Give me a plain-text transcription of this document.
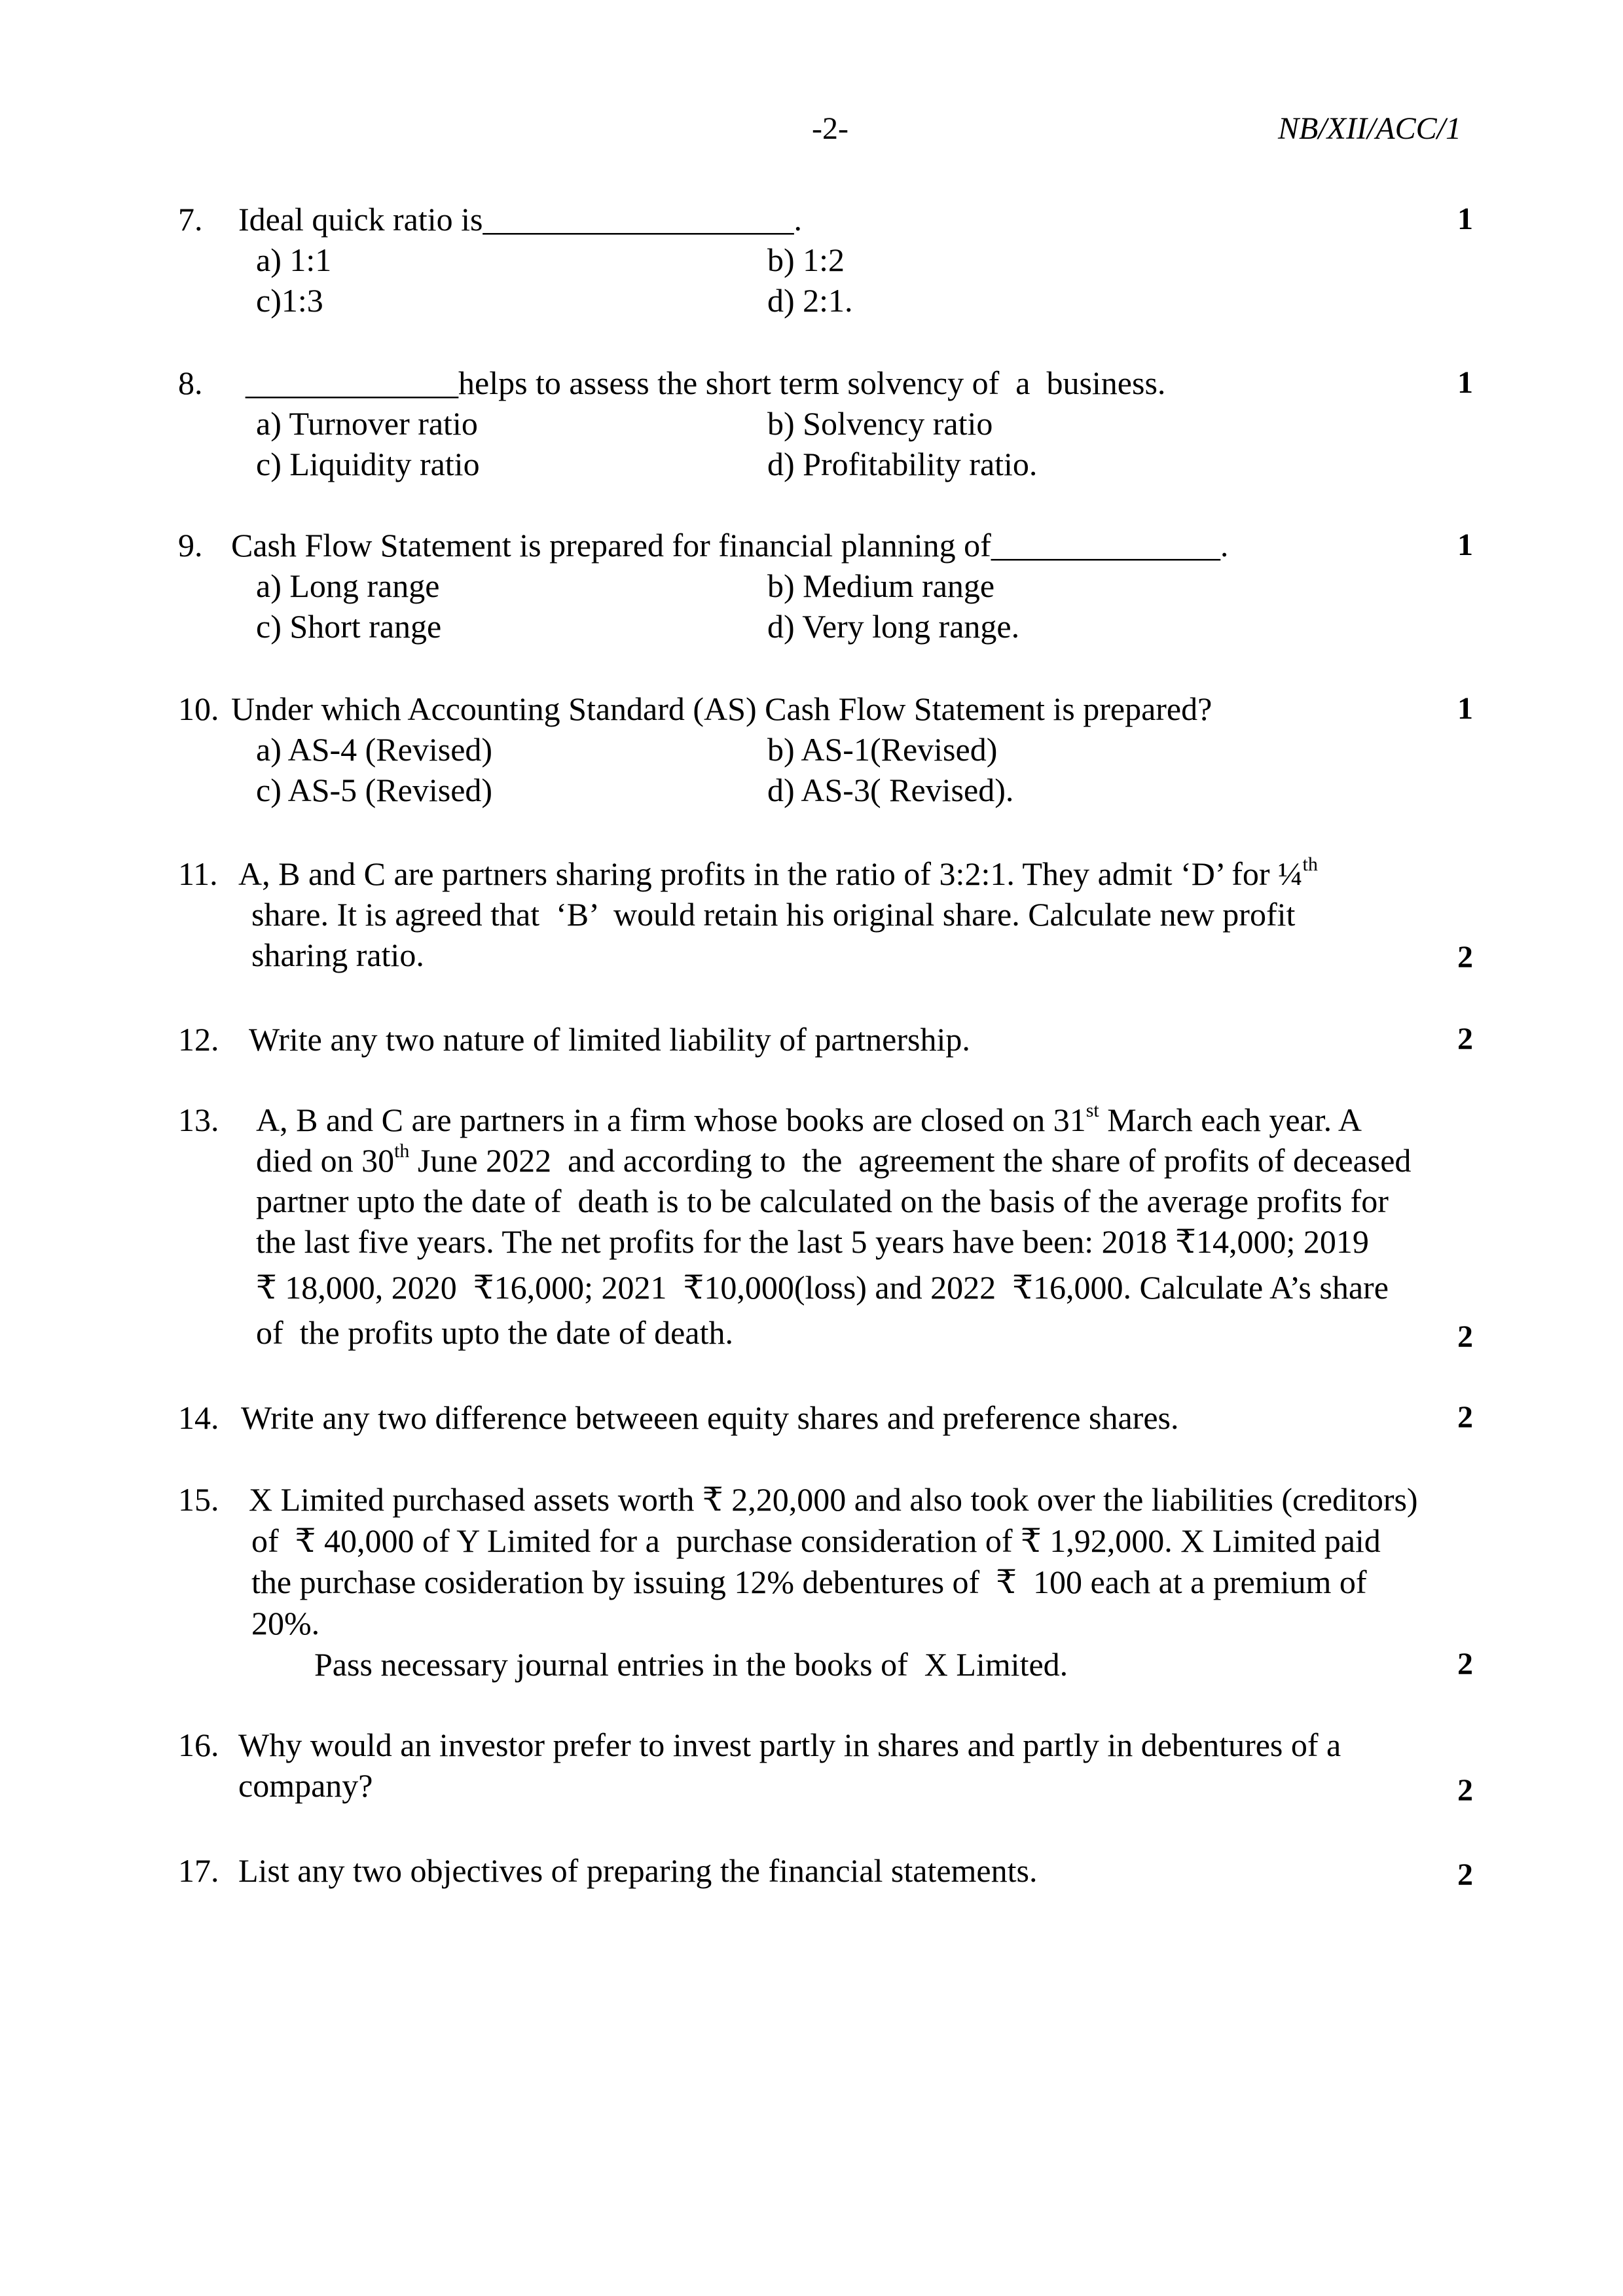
-2-	NB/XII/ACC/1
7. Ideal quick ratio is___________________.	1
a) 1:1	b) 1:2
c)1:3	d) 2:1.
8. _____________helps to assess the short term solvency of  a  business.	1
a) Turnover ratio	b) Solvency ratio
c) Liquidity ratio	d) Profitability ratio.
9. Cash Flow Statement is prepared for financial planning of______________.	1
a) Long range	b) Medium range
c) Short range	d) Very long range.
10. Under which Accounting Standard (AS) Cash Flow Statement is prepared?	1
a) AS-4 (Revised)	b) AS-1(Revised)
c) AS-5 (Revised)	d) AS-3( Revised).
11. A, B and C are partners sharing profits in the ratio of 3:2:1. They admit ‘D’ for ¼$^{th}$
share. It is agreed that  ‘B’  would retain his original share. Calculate new profit
sharing ratio.	2
12. Write any two nature of limited liability of partnership.	2
13. A, B and C are partners in a firm whose books are closed on 31st March each year. A
died on 30th June 2022  and according to  the  agreement the share of profits of deceased
partner upto the date of  death is to be calculated on the basis of the average profits for
the last five years. The net profits for the last 5 years have been: 2018 ₹14,000; 2019
₹ 18,000, 2020  ₹16,000; 2021  ₹10,000(loss) and 2022  ₹16,000. Calculate A’s share
of  the profits upto the date of death.	2
14. Write any two difference betweeen equity shares and preference shares.	2
15. X Limited purchased assets worth ₹ 2,20,000 and also took over the liabilities (creditors)
of  ₹ 40,000 of Y Limited for a  purchase consideration of ₹ 1,92,000. X Limited paid
the purchase cosideration by issuing 12% debentures of  ₹  100 each at a premium of
20%.
Pass necessary journal entries in the books of  X Limited.	2
16. Why would an investor prefer to invest partly in shares and partly in debentures of a
company?	2
17. List any two objectives of preparing the financial statements.	2
